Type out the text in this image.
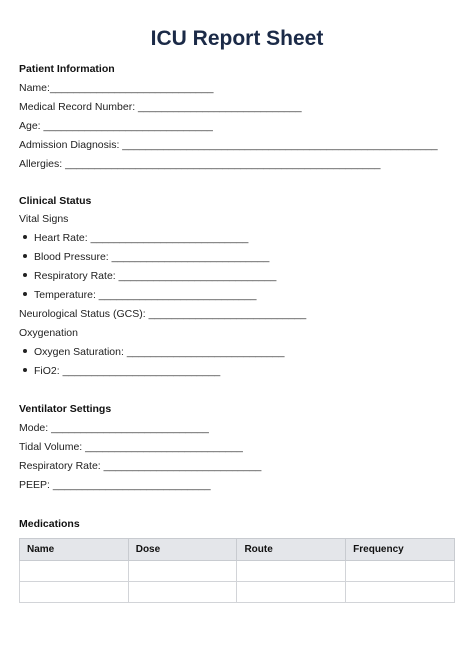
ICU Report Sheet
Patient Information
Name:____________________________
Medical Record Number: ____________________________
Age: _____________________________
Admission Diagnosis: ______________________________________________________
Allergies: ______________________________________________________
Clinical Status
Vital Signs
Heart Rate: ___________________________
Blood Pressure: ___________________________
Respiratory Rate: ___________________________
Temperature: ___________________________
Neurological Status (GCS): ___________________________
Oxygenation
Oxygen Saturation: ___________________________
FiO2: ___________________________
Ventilator Settings
Mode: ___________________________
Tidal Volume: ___________________________
Respiratory Rate: ___________________________
PEEP: ___________________________
Medications
Name	Dose	Route	Frequency
